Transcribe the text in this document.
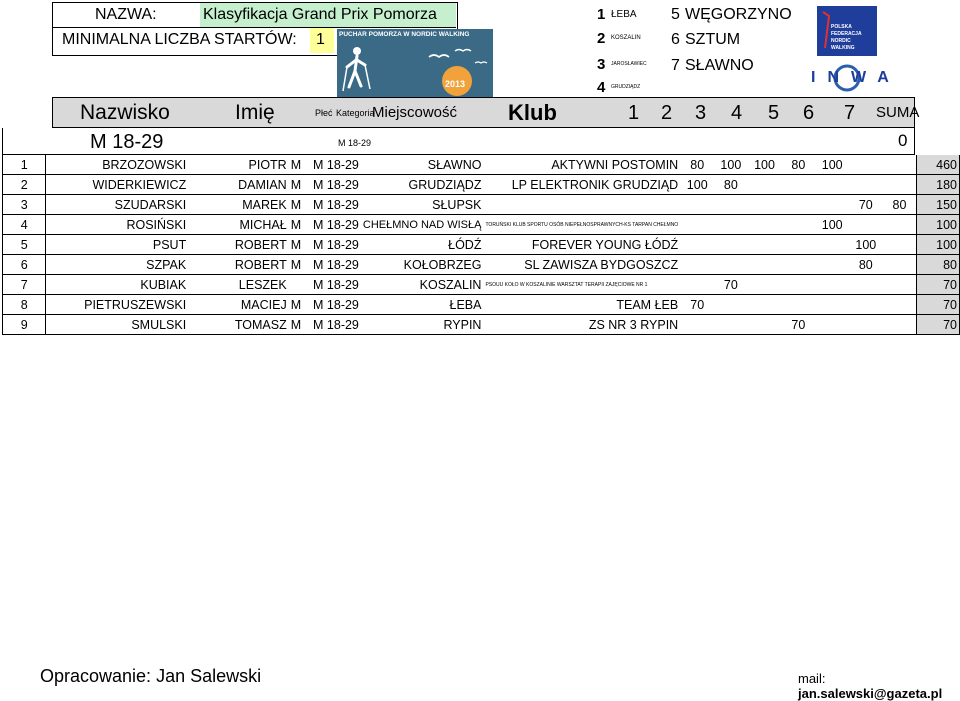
NAZWA:	Klasyfikacja Grand Prix Pomorza
MINIMALNA LICZBA STARTÓW: 1 PUCHAR POMORZA W NORDIC WALKING
2013
1 ŁEBA
2 KOSZALIN
3 JAROSŁAWIEC
4 GRUDZIĄDZ
5 WĘGORZYNO
6 SZTUM
7 SŁAWNO
POLSKA FEDERACJA NORDIC WALKING
INWA
Nazwisko	Imię	Płeć Kategoria
Miejscowość Klub	1 2 3 4 5 6 7 SUMA
M 18-29	M 18-29	0
1	BRZOZOWSKI	PIOTR	M	M 18-29	SŁAWNO	AKTYWNI POSTOMIN	80	100	100	80	100			460
2	WIDERKIEWICZ	DAMIAN	M	M 18-29	GRUDZIĄDZ	LP ELEKTRONIK GRUDZIĄD	100	80						180
3	SZUDARSKI	MAREK	M	M 18-29	SŁUPSK							70	80	150
4	ROSIŃSKI	MICHAŁ	M	M 18-29	CHEŁMNO NAD WISŁĄ	TORUŃSKI KLUB SPORTU OSÓB NIEPEŁNOSPRAWNYCH-KS TARPAN CHEŁMNO					100			100
5	PSUT	ROBERT	M	M 18-29	ŁÓDŹ	FOREVER YOUNG ŁÓDŹ						100		100
6	SZPAK	ROBERT	M	M 18-29	KOŁOBRZEG	SL ZAWISZA BYDGOSZCZ						80		80
7	KUBIAK	LESZEK		M 18-29	KOSZALIN	PSOUU KOŁO W KOSZALINIE WARSZTAT TERAPII ZAJĘCIOWE NR 1		70						70
8	PIETRUSZEWSKI	MACIEJ	M	M 18-29	ŁEBA	TEAM ŁEB	70							70
9	SMULSKI	TOMASZ	M	M 18-29	RYPIN	ZS NR 3 RYPIN				70				70
Opracowanie: Jan Salewski	mail: jan.salewski@gazeta.pl
